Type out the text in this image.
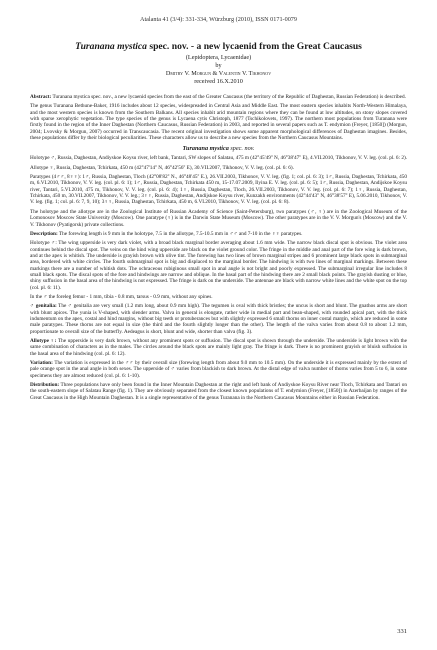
Atalanta 41 (3/4): 331-334, Würzburg (2010), ISSN 0171-0079
Turanana mystica spec. nov. - a new lycaenid from the Great Caucasus
(Lepidoptera, Lycaenidae)
by
Dmitry V. Morgun & Valentin V. Tikhonov
received 16.X.2010

Abstract: Turanana mystica spec. nov., a new lycaenid species from the east of the Greater Caucasus (the territory of the Republic of Daghestan, Russian Federation) is described.

The genus Turanana Bethune-Baker, 1916 includes about 12 species, widespreaded in Central Asia and Middle East. The most eastern species inhabits North-Western Himalaya, and the most western species is known from the Southern Balkans. All species inhabit arid mountain regions where they can be found at low altitudes, on stony slopes covered with sparse xerophytic vegetation. The type species of the genus is Lycaena cytis Christoph, 1877 (Tschikolovets, 1997). The northern most populations from Turanana were firstly found in the region of the Inner Daghestan (Northern Caucasus, Russian Federation) in 2003, and reported in several papers such as T. endymion (Freyer, [1850]) (Morgun, 2004; Lvovsky & Morgun, 2007) occurred in Transcaucasia. The recent original investigation shows some apparent morphological differences of Daghestan imagines. Besides, these populations differ by their biological peculiarities. These characters allow us to describe a new species from the Northern Caucasus Mountains.

Turanana mystica spec. nov.

Holotype ♂, Russia, Daghestan, Andiyskoe Koysu river, left bank, Tantari, SW slopes of Salatau, 475 m (42°45'49'' N, 46°38'47'' E), 4.VII.2010, Tikhonov, V. V. leg. (col. pl. 6: 2).

Allotype ♀, Russia, Daghestan, Tchirkata, 450 m (42°47'14'' N, 46°42'56'' E), 30.VII.2007, Tikhonov, V. V. leg. (col. pl. 6: 6).

Paratypes (4♂♂, 8♀♀): 1♂, Russia, Daghestan, Tloch (42°08'82'' N., 46°48'45'' E.), 26.VII.2003, Tikhonov, V. V. leg. (fig. 1; col. pl. 6: 3); 1♂, Russia, Daghestan, Tchirkata, 450 m, 6.VI.2010, Tikhonov, V. V. leg. (col. pl. 6: 1); 1♂, Russia, Daghestan, Tchirkata 450 m, 15-17.07.2009, Ilyina E. V. leg. (col. pl. 6: 5); 1♂, Russia, Daghestan, Andijskoe Koysu river, Tantari, 5.VI.2010, 475 m, Tikhonov, V. V. leg. (col. pl. 6: 4); 1♀, Russia, Daghestan, Tloch, 26.VII.2003, Tikhonov, V. V. leg. (col. pl. 6: 7); 1♀, Russia, Daghestan, Tchirkata, 450 m, 30.VII.2007, Tikhonov, V. V. leg.; 3♀♀, Russia, Daghestan, Andijskoe Koysu river, Kunzakh environments (42°44'43'' N, 46°38'57'' E), 5.06.2010, Tikhonov, V. V. leg. (fig. 1; col. pl. 6: 7, 9, 10); 3♀♀, Russia, Daghestan, Tchirkata, 450 m, 6.VI.2010, Tikhonov, V. V. leg. (col. pl. 6: 8).

The holotype and the allotype are in the Zoological Institute of Russian Academy of Science (Saint-Petersburg), two paratypes (♂, ♀) are in the Zoological Museum of the Lomonosov Moscow State University (Moscow). One paratype (♀) is in the Darwin State Museum (Moscow). The other paratypes are in the V. V. Morgun's (Moscow) and the V. V. Tikhonov (Pyatigorsk) private collections.

Description: The forewing length is 9 mm in the holotype, 7.5 in the allotype, 7.5-10.5 mm in ♂♂ and 7-10 in the ♀♀ paratypes.

Holotype ♂: The wing upperside is very dark violet, with a broad black marginal border averaging about 1.6 mm wide. The narrow black discal spot is obvious. The violet area continues behind the discal spot. The veins on the hind wing upperside are black on the violet ground color. The fringe in the middle and anal part of the fore wing is dark brown, and at the apex is whitish. The underside is grayish brown with olive tint. The forewing has two lines of brown marginal stripes and 6 prominent large black spots in submarginal area, bordered with white circles. The fourth submarginal spot is big and displaced to the marginal border. The hindwing is with two lines of marginal markings. Between these markings there are a number of whitish dots. The ochraceous rubiginous small spot in anal angle is not bright and poorly expressed. The submarginal irregular line includes 8 small black spots. The discal spots of the fore and hindwings are narrow and oblique. In the basal part of the hindwing there are 2 small black points. The grayish dusting or blue, shiny suffusion in the basal area of the hindwing is not expressed. The fringe is dark on the underside. The antennae are black with narrow white lines and the white spot on the top (col. pl. 6: 11).

In the ♂ the foreleg femur - 1 mm, tibia - 0.8 mm, tarsus - 0.9 mm, without any spines.

♂ genitalia: The ♂ genitalia are very small (1.2 mm long, about 0.9 mm high). The tegumen is oval with thick bristles; the uncus is short and blunt. The gnathos arms are short with blunt apices. The yunia is V-shaped, with slender arms. Valva in general is elongate, rather wide in medial part and bean-shaped, with rounded apical part, with the thick indumentum on the apex, costal and hind margins, without big teeth or protuberances but with slightly expressed 6 small thorns on inner costal margin, which are reduced in some male paratypes. These thorns are not equal in size (the third and the fourth slightly longer than the other). The length of the valva varies from about 0.8 to about 1.2 mm, proportionate to overall size of the butterfly. Aedeagus is short, blunt and wide, shorter than valva (fig. 3).

Allotype ♀: The upperside is very dark brown, without any prominent spots or suffusion. The discal spot is shown through the underside. The underside is light brown with the same combination of characters as in the males. The circles around the black spots are mainly light gray. The fringe is dark. There is no prominent grayish or bluish suffusion in the basal area of the hindwing (col. pl. 6: 12).

Variation: The variation is expressed in the ♂♂ by their overall size (forewing length from about 9.0 mm to 10.5 mm). On the underside it is expressed mainly by the extent of pale orange spot in the anal angle in both sexes. The upperside of ♂ varies from blackish to dark brown. At the distal edge of valva number of thorns varies from 5 to 6, in some specimens they are almost reduced (col. pl. 6: 1-10).

Distribution: Three populations have only been found in the Inner Mountain Daghestan at the right and left bank of Andiyskoe Koysu River near Tloch, Tchirkata and Tantari on the south-eastern slope of Salatau Range (fig. 1). They are obviously separated from the closest known populations of T. endymion (Freyer, [1850]) in Azerbaijan by ranges of the Great Caucasus in the High Mountain Daghestan. It is a single representative of the genus Turanana in the Northern Caucasus Mountains either in Russian Federation.

331
